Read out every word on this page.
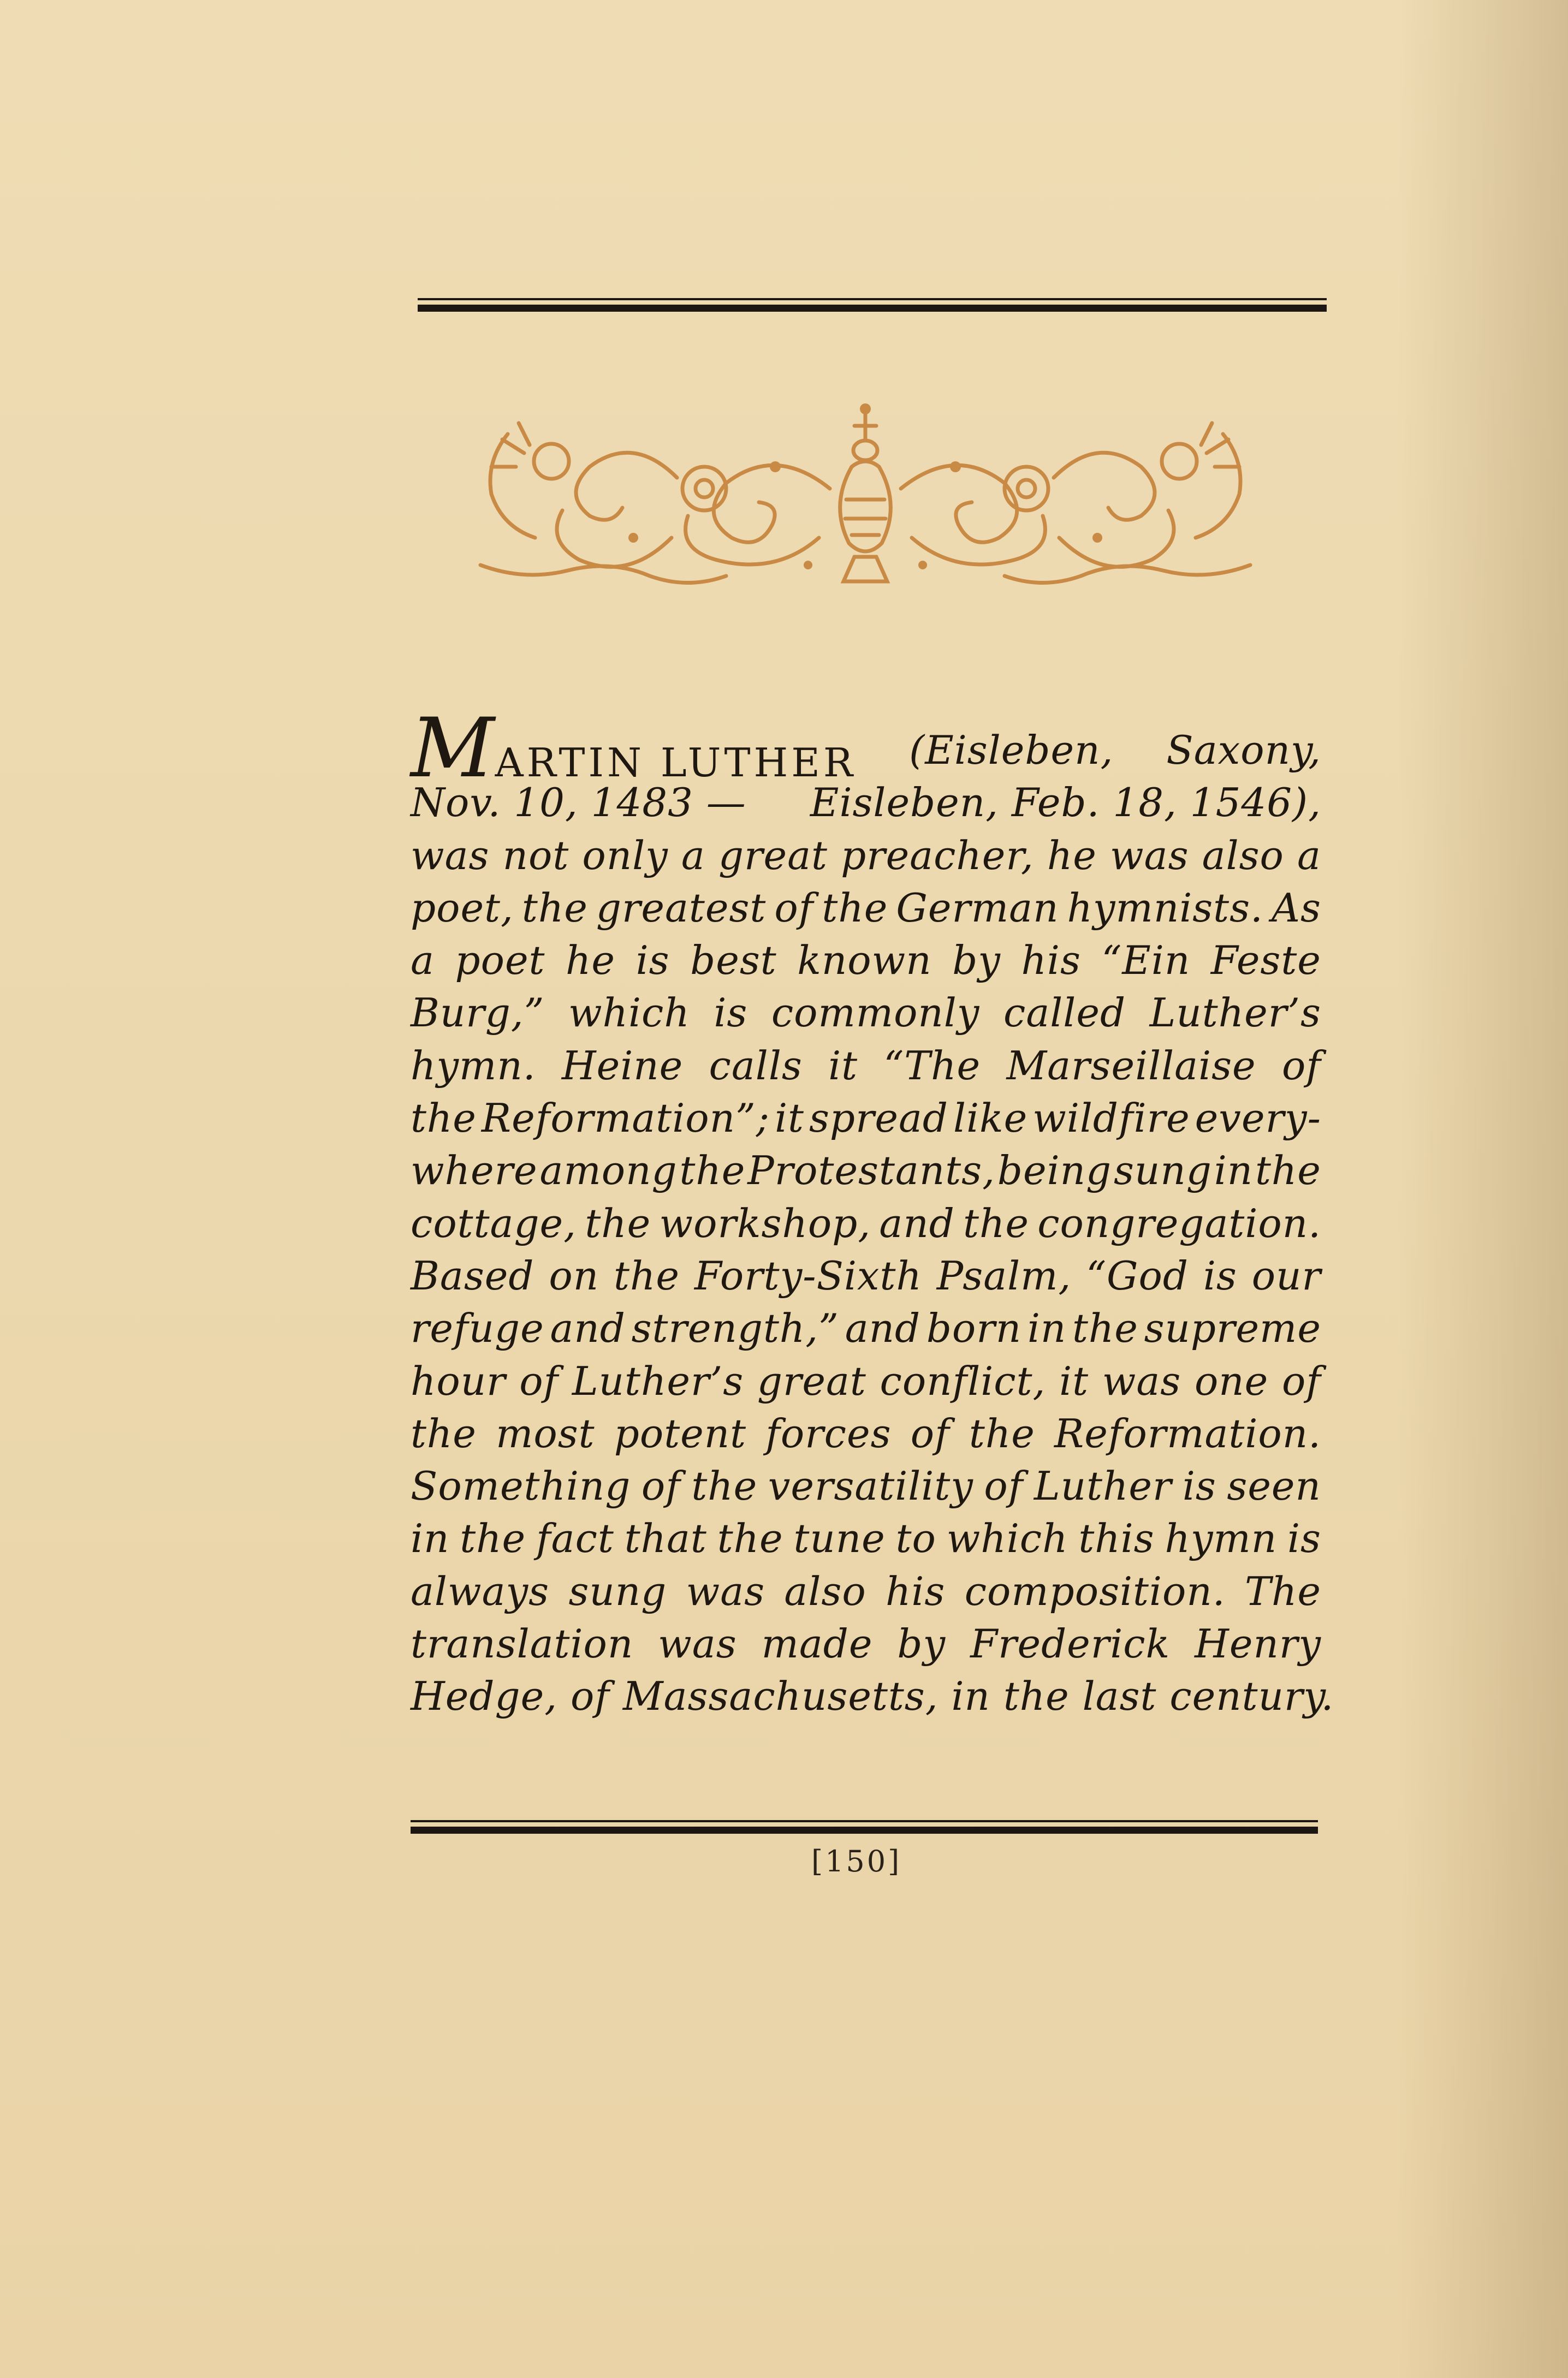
MARTIN LUTHER (Eisleben, Saxony,
Nov. 10, 1483 — Eisleben, Feb. 18, 1546),
was not only a great preacher, he was also a
poet, the greatest of the German hymnists. As
a poet he is best known by his “Ein Feste
Burg,” which is commonly called Luther’s
hymn. Heine calls it “The Marseillaise of
the Reformation”; it spread like wildfire every-
where among the Protestants, being sung in the
cottage, the workshop, and the congregation.
Based on the Forty-Sixth Psalm, “God is our
refuge and strength,” and born in the supreme
hour of Luther’s great conflict, it was one of
the most potent forces of the Reformation.
Something of the versatility of Luther is seen
in the fact that the tune to which this hymn is
always sung was also his composition. The
translation was made by Frederick Henry
Hedge, of Massachusetts, in the last century.
[150]
